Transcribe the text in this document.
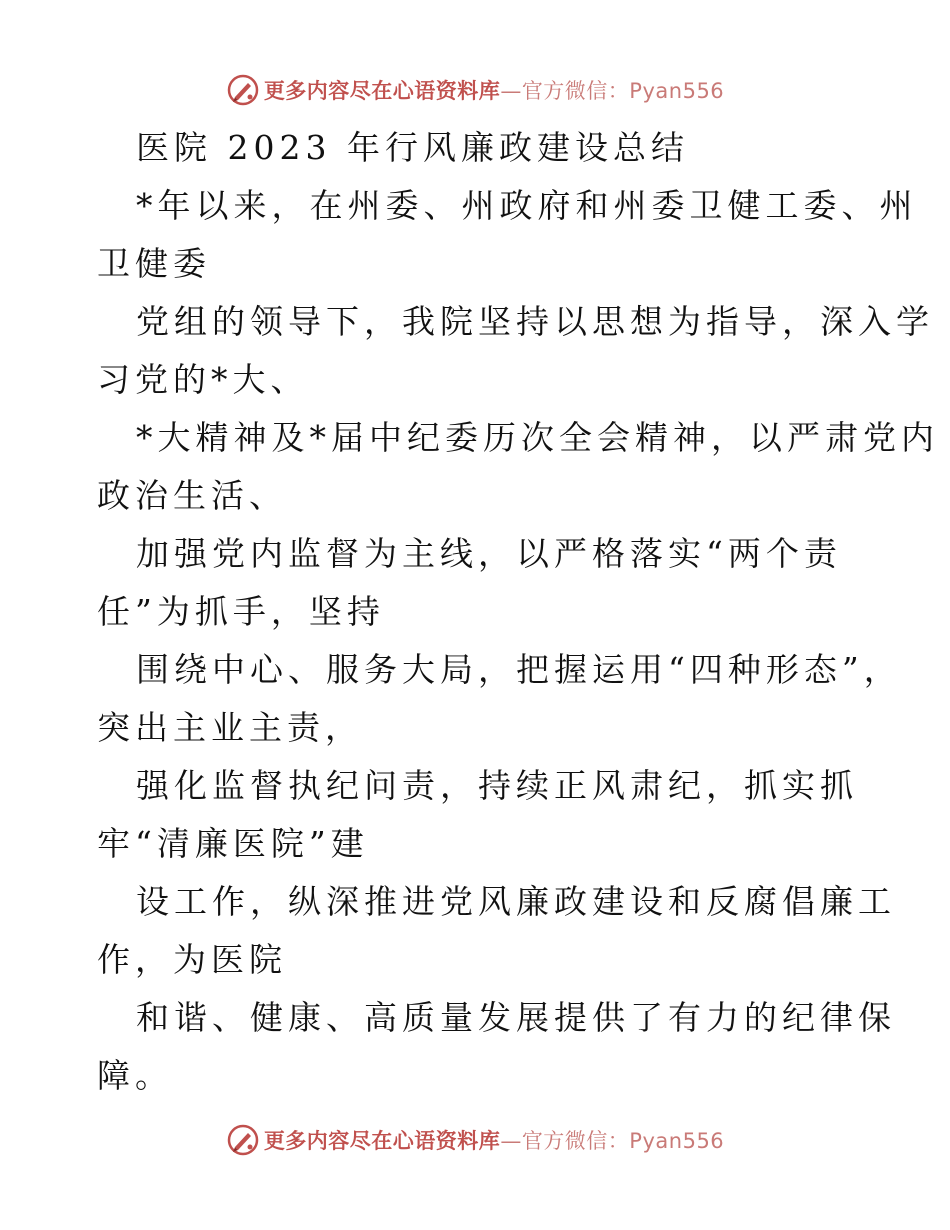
更多内容尽在心语资料库—官方微信：Pyan556
医院 2023 年行风廉政建设总结
*年以来，在州委、州政府和州委卫健工委、州
卫健委
党组的领导下，我院坚持以思想为指导，深入学
习党的*大、
*大精神及*届中纪委历次全会精神，以严肃党内
政治生活、
加强党内监督为主线，以严格落实“两个责
任”为抓手，坚持
围绕中心、服务大局，把握运用“四种形态”，
突出主业主责，
强化监督执纪问责，持续正风肃纪，抓实抓
牢“清廉医院”建
设工作，纵深推进党风廉政建设和反腐倡廉工
作，为医院
和谐、健康、高质量发展提供了有力的纪律保
障。
更多内容尽在心语资料库—官方微信：Pyan556
